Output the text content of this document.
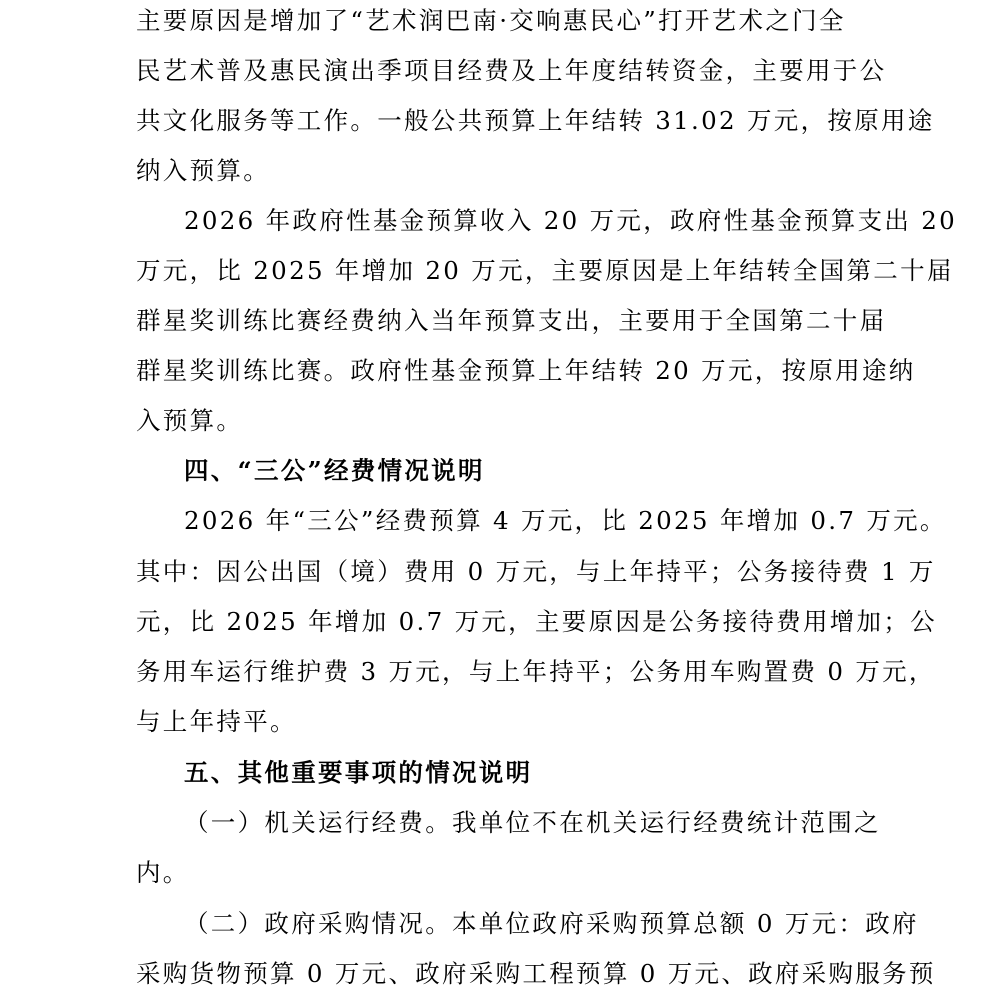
主要原因是增加了“艺术润巴南·交响惠民心”打开艺术之门全
民艺术普及惠民演出季项目经费及上年度结转资金，主要用于公
共文化服务等工作。一般公共预算上年结转 31.02 万元，按原用途
纳入预算。
2026 年政府性基金预算收入 20 万元，政府性基金预算支出 20
万元，比 2025 年增加 20 万元，主要原因是上年结转全国第二十届
群星奖训练比赛经费纳入当年预算支出，主要用于全国第二十届
群星奖训练比赛。政府性基金预算上年结转 20 万元，按原用途纳
入预算。
四、“三公”经费情况说明
2026 年“三公”经费预算 4 万元，比 2025 年增加 0.7 万元。
其中：因公出国（境）费用 0 万元，与上年持平；公务接待费 1 万
元，比 2025 年增加 0.7 万元，主要原因是公务接待费用增加；公
务用车运行维护费 3 万元，与上年持平；公务用车购置费 0 万元，
与上年持平。
五、其他重要事项的情况说明
（一）机关运行经费。我单位不在机关运行经费统计范围之
内。
（二）政府采购情况。本单位政府采购预算总额 0 万元：政府
采购货物预算 0 万元、政府采购工程预算 0 万元、政府采购服务预
